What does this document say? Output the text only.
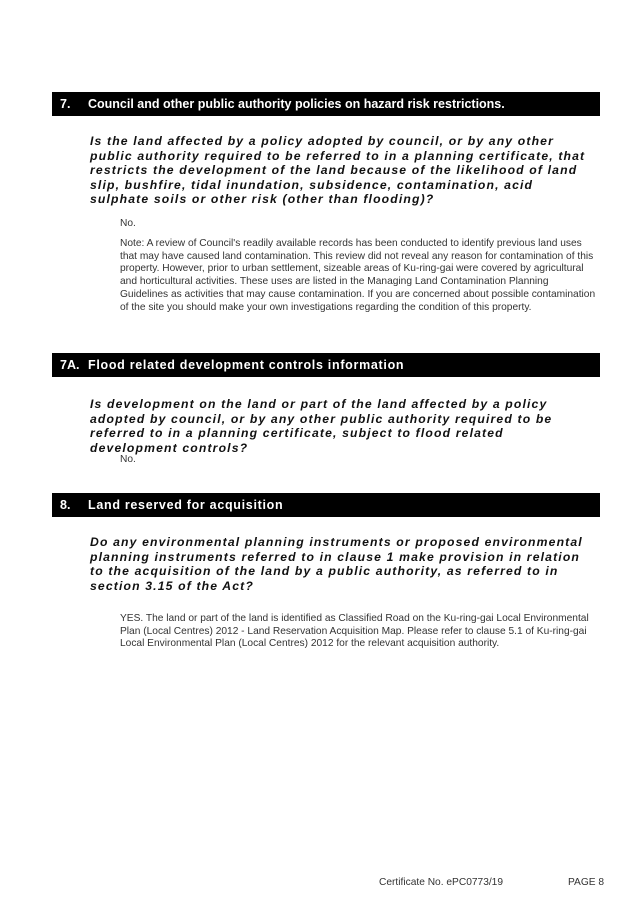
7.	Council and other public authority policies on hazard risk restrictions.

Is the land affected by a policy adopted by council, or by any other public authority required to be referred to in a planning certificate, that restricts the development of the land because of the likelihood of land slip, bushfire, tidal inundation, subsidence, contamination, acid sulphate soils or other risk (other than flooding)?

No.

Note: A review of Council's readily available records has been conducted to identify previous land uses that may have caused land contamination. This review did not reveal any reason for contamination of this property. However, prior to urban settlement, sizeable areas of Ku-ring-gai were covered by agricultural and horticultural activities. These uses are listed in the Managing Land Contamination Planning Guidelines as activities that may cause contamination. If you are concerned about possible contamination of the site you should make your own investigations regarding the condition of this property.

7A. Flood related development controls information

Is development on the land or part of the land affected by a policy adopted by council, or by any other public authority required to be referred to in a planning certificate, subject to flood related development controls?

No.

8.	Land reserved for acquisition

Do any environmental planning instruments or proposed environmental planning instruments referred to in clause 1 make provision in relation to the acquisition of the land by a public authority, as referred to in section 3.15 of the Act?

YES. The land or part of the land is identified as Classified Road on the Ku-ring-gai Local Environmental Plan (Local Centres) 2012 - Land Reservation Acquisition Map. Please refer to clause 5.1 of Ku-ring-gai Local Environmental Plan (Local Centres) 2012 for the relevant acquisition authority.

Certificate No. ePC0773/19	PAGE 8
